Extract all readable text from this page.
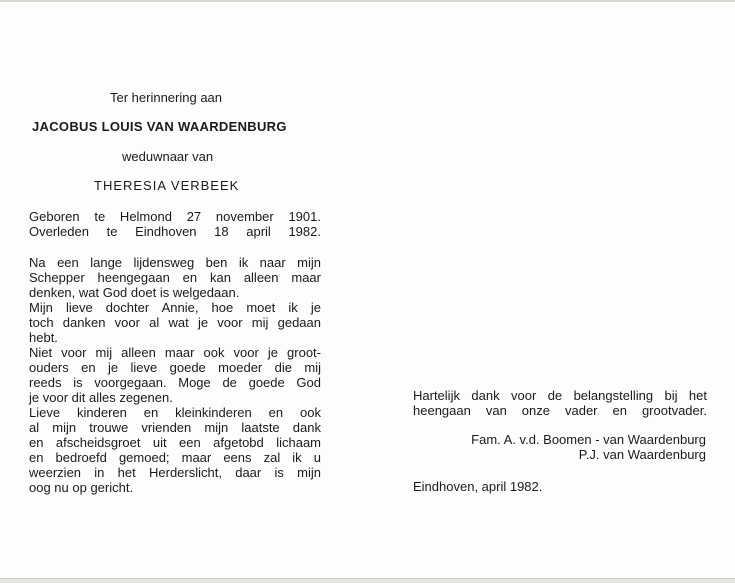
Ter herinnering aan
JACOBUS LOUIS VAN WAARDENBURG
weduwnaar van
THERESIA VERBEEK
Geboren te Helmond 27 november 1901.
Overleden te Eindhoven 18 april 1982.
Na een lange lijdensweg ben ik naar mijn
Schepper heengegaan en kan alleen maar
denken, wat God doet is welgedaan.
Mijn lieve dochter Annie, hoe moet ik je
toch danken voor al wat je voor mij gedaan
hebt.
Niet voor mij alleen maar ook voor je groot-
ouders en je lieve goede moeder die mij
reeds is voorgegaan. Moge de goede God
je voor dit alles zegenen.
Lieve kinderen en kleinkinderen en ook
al mijn trouwe vrienden mijn laatste dank
en afscheidsgroet uit een afgetobd lichaam
en bedroefd gemoed; maar eens zal ik u
weerzien in het Herderslicht, daar is mijn
oog nu op gericht.
Hartelijk dank voor de belangstelling bij het
heengaan van onze vader en grootvader.
Fam. A. v.d. Boomen - van Waardenburg
P.J. van Waardenburg
Eindhoven, april 1982.
